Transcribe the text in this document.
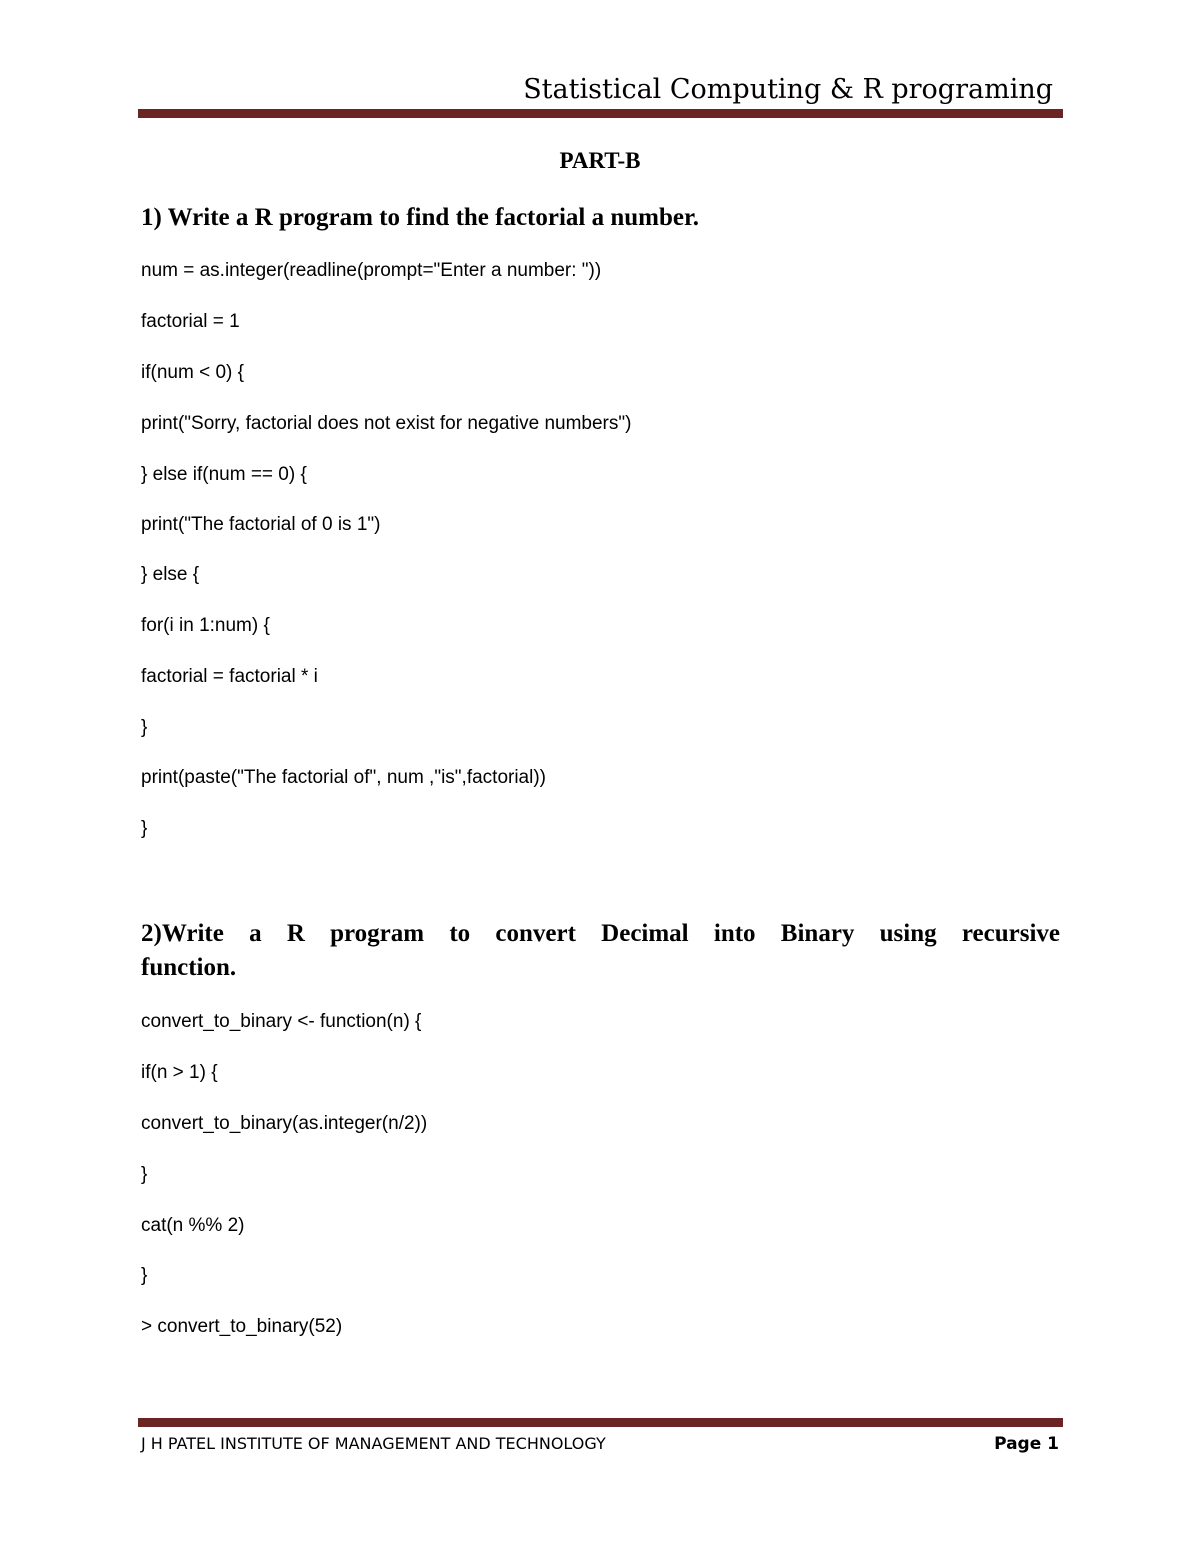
Statistical Computing & R programing
PART-B
1) Write a R program to find the factorial a number.
num = as.integer(readline(prompt="Enter a number: "))
factorial = 1
if(num < 0) {
print("Sorry, factorial does not exist for negative numbers")
} else if(num == 0) {
print("The factorial of 0 is 1")
} else {
for(i in 1:num) {
factorial = factorial * i
}
print(paste("The factorial of", num ,"is",factorial))
}
2)Write a R program to convert Decimal into Binary using recursive
function.
convert_to_binary <- function(n) {
if(n > 1) {
convert_to_binary(as.integer(n/2))
}
cat(n %% 2)
}
> convert_to_binary(52)
J H PATEL INSTITUTE OF MANAGEMENT AND TECHNOLOGY	Page 1
